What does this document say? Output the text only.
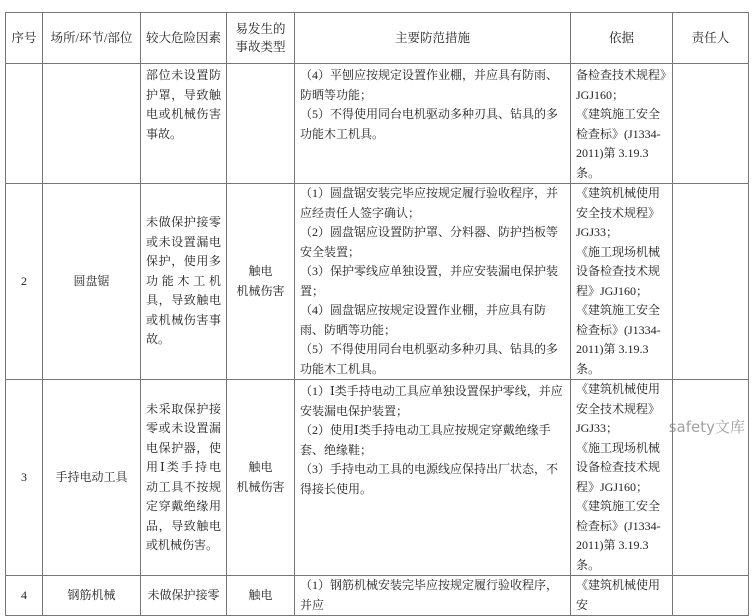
序号	场所/环节/部位	较大危险因素	易发生的事故类型	主要防范措施	依据	责任人
		部位未设置防护罩，导致触电或机械伤害事故。		（4）平刨应按规定设置作业棚，并应具有防雨、防晒等功能；
（5）不得使用同台电机驱动多种刃具、钻具的多功能木工机具。	备检查技术规程》JGJ160；
《建筑施工安全检查标》(J1334-2011)第 3.19.3 条。	
2	圆盘锯	未做保护接零或未设置漏电保护，使用多功能木工机具，导致触电或机械伤害事故。	触电
机械伤害	（1）圆盘锯安装完毕应按规定履行验收程序，并应经责任人签字确认；
（2）圆盘锯应设置防护罩、分料器、防护挡板等安全装置；
（3）保护零线应单独设置，并应安装漏电保护装置；
（4）圆盘锯应按规定设置作业棚，并应具有防雨、防晒等功能；
（5）不得使用同台电机驱动多种刃具、钻具的多功能木工机具。	《建筑机械使用安全技术规程》JGJ33；
《施工现场机械设备检查技术规程》JGJ160；
《建筑施工安全检查标》(J1334-2011)第 3.19.3 条。	
3	手持电动工具	未采取保护接零或未设置漏电保护器，使用Ⅰ类手持电动工具不按规定穿戴绝缘用品，导致触电或机械伤害。	触电
机械伤害	（1）Ⅰ类手持电动工具应单独设置保护零线，并应安装漏电保护装置；
（2）使用Ⅰ类手持电动工具应按规定穿戴绝缘手套、绝缘鞋；
（3）手持电动工具的电源线应保持出厂状态，不得接长使用。	《建筑机械使用安全技术规程》JGJ33；
《施工现场机械设备检查技术规程》JGJ160；
《建筑施工安全检查标》(J1334-2011)第 3.19.3 条。	
4	钢筋机械	未做保护接零	触电	（1）钢筋机械安装完毕应按规定履行验收程序，并应	《建筑机械使用安	
safety文库
